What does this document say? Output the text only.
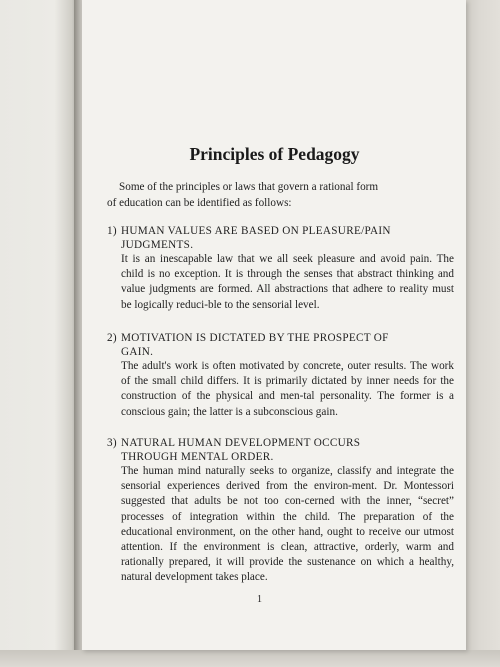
Principles of Pedagogy

Some of the principles or laws that govern a rational form
of education can be identified as follows:

1) HUMAN VALUES ARE BASED ON PLEASURE/PAIN
JUDGMENTS.

It is an inescapable law that we all seek pleasure and avoid pain. The child is no exception. It is through the senses that abstract thinking and value judgments are formed. All abstractions that adhere to reality must be logically reduci-ble to the sensorial level.

2) MOTIVATION IS DICTATED BY THE PROSPECT OF
GAIN.

The adult's work is often motivated by concrete, outer results. The work of the small child differs. It is primarily dictated by inner needs for the construction of the physical and men-tal personality. The former is a conscious gain; the latter is a subconscious gain.

3) NATURAL HUMAN DEVELOPMENT OCCURS
THROUGH MENTAL ORDER.

The human mind naturally seeks to organize, classify and integrate the sensorial experiences derived from the environ-ment. Dr. Montessori suggested that adults be not too con-cerned with the inner, “secret” processes of integration within the child. The preparation of the educational environment, on the other hand, ought to receive our utmost attention. If the environment is clean, attractive, orderly, warm and rationally prepared, it will provide the sustenance on which a healthy, natural development takes place.

1
